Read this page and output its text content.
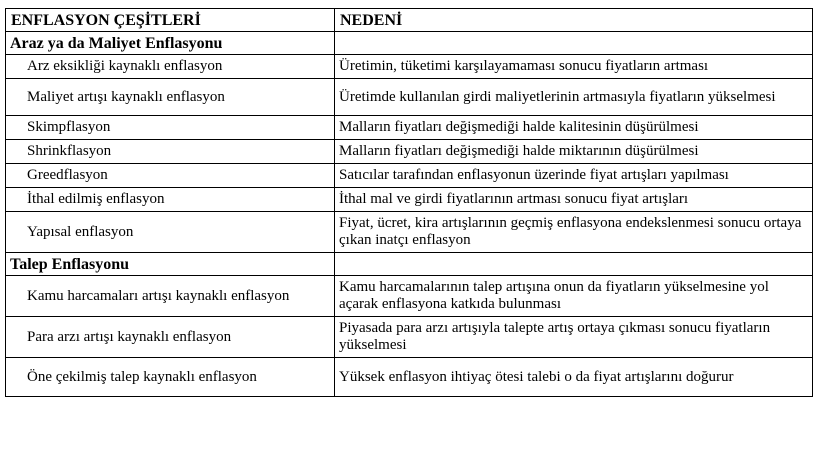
ENFLASYON ÇEŞİTLERİ	NEDENİ
Araz ya da Maliyet Enflasyonu	
Arz eksikliği kaynaklı enflasyon	Üretimin, tüketimi karşılayamaması sonucu fiyatların artması
Maliyet artışı kaynaklı enflasyon	Üretimde kullanılan girdi maliyetlerinin artmasıyla fiyatların yükselmesi
Skimpflasyon	Malların fiyatları değişmediği halde kalitesinin düşürülmesi
Shrinkflasyon	Malların fiyatları değişmediği halde miktarının düşürülmesi
Greedflasyon	Satıcılar tarafından enflasyonun üzerinde fiyat artışları yapılması
İthal edilmiş enflasyon	İthal mal ve girdi fiyatlarının artması sonucu fiyat artışları
Yapısal enflasyon	Fiyat, ücret, kira artışlarının geçmiş enflasyona endekslenmesi sonucu ortaya çıkan inatçı enflasyon
Talep Enflasyonu	
Kamu harcamaları artışı kaynaklı enflasyon	Kamu harcamalarının talep artışına onun da fiyatların yükselmesine yol açarak enflasyona katkıda bulunması
Para arzı artışı kaynaklı enflasyon	Piyasada para arzı artışıyla talepte artış ortaya çıkması sonucu fiyatların yükselmesi
Öne çekilmiş talep kaynaklı enflasyon	Yüksek enflasyon ihtiyaç ötesi talebi o da fiyat artışlarını doğurur
